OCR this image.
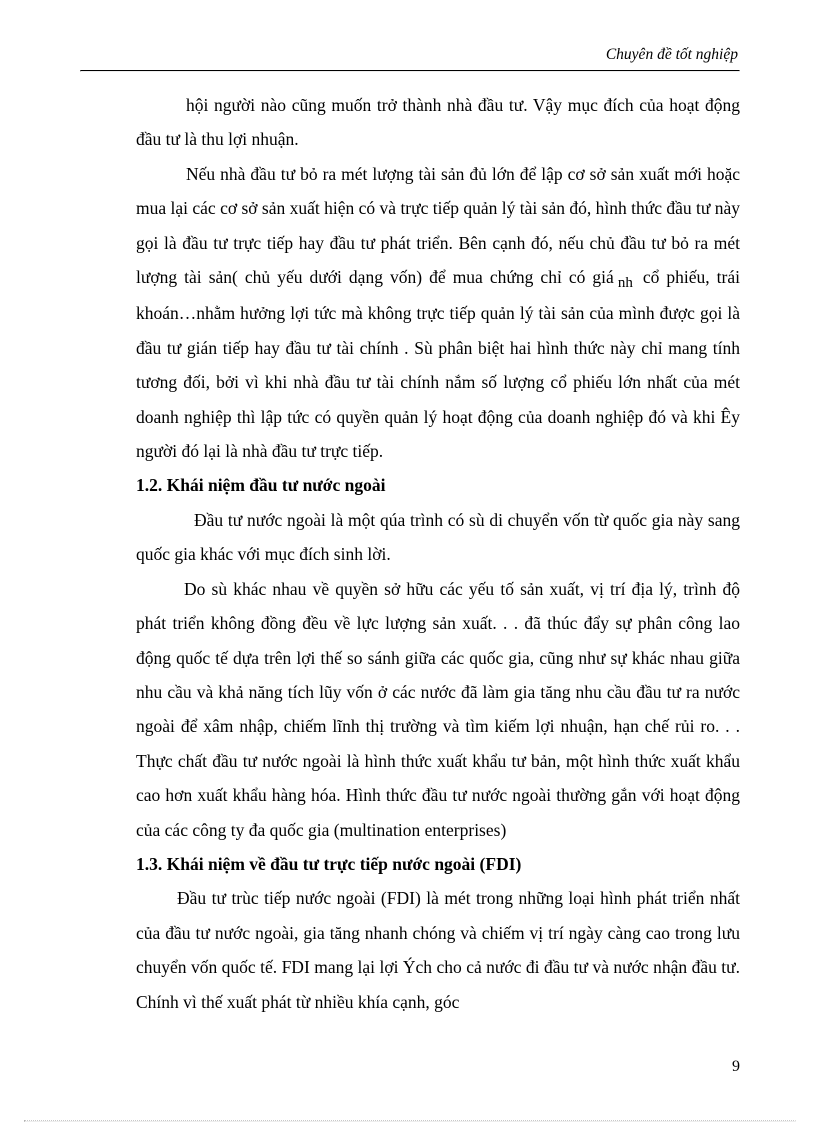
Chuyên đề tốt nghiệp

hội người nào cũng muốn trở thành nhà đầu tư. Vậy mục đích của hoạt động đầu tư là thu lợi nhuận.

Nếu nhà đầu tư bỏ ra mét lượng tài sản đủ lớn để lập cơ sở sản xuất mới hoặc mua lại các cơ sở sản xuất hiện có và trực tiếp quản lý tài sản đó, hình thức đầu tư này gọi là đầu tư trực tiếp hay đầu tư phát triển. Bên cạnh đó, nếu chủ đầu tư bỏ ra mét lượng tài sản( chủ yếu dưới dạng vốn) để mua chứng chỉ có giá nh cổ phiếu, trái khoán…nhằm hưởng lợi tức mà không trực tiếp quản lý tài sản của mình được gọi là đầu tư gián tiếp hay đầu tư tài chính . Sù phân biệt hai hình thức này chỉ mang tính tương đối, bởi vì khi nhà đầu tư tài chính nắm số lượng cổ phiếu lớn nhất của mét doanh nghiệp thì lập tức có quyền quản lý hoạt động của doanh nghiệp đó và khi Êy người đó lại là nhà đầu tư trực tiếp.

1.2. Khái niệm đầu tư nước ngoài

Đầu tư nước ngoài là một qúa trình có sù di chuyển vốn từ quốc gia này sang quốc gia khác với mục đích sinh lời.

Do sù khác nhau về quyền sở hữu các yếu tố sản xuất, vị trí địa lý, trình độ phát triển không đồng đều về lực lượng sản xuất. . . đã thúc đẩy sự phân công lao động quốc tế dựa trên lợi thế so sánh giữa các quốc gia, cũng như sự khác nhau giữa nhu cầu và khả năng tích lũy vốn ở các nước đã làm gia tăng nhu cầu đầu tư ra nước ngoài để xâm nhập, chiếm lĩnh thị trường và tìm kiếm lợi nhuận, hạn chế rủi ro. . . Thực chất đầu tư nước ngoài là hình thức xuất khẩu tư bản, một hình thức xuất khẩu cao hơn xuất khẩu hàng hóa. Hình thức đầu tư nước ngoài thường gắn với hoạt động của các công ty đa quốc gia (multination enterprises)

1.3. Khái niệm về đầu tư trực tiếp nước ngoài (FDI)

Đầu tư trùc tiếp nước ngoài (FDI) là mét trong những loại hình phát triển nhất của đầu tư nước ngoài, gia tăng nhanh chóng và chiếm vị trí ngày càng cao trong lưu chuyển vốn quốc tế. FDI mang lại lợi Ých cho cả nước đi đầu tư và nước nhận đầu tư. Chính vì thế xuất phát từ nhiều khía cạnh, góc

9
